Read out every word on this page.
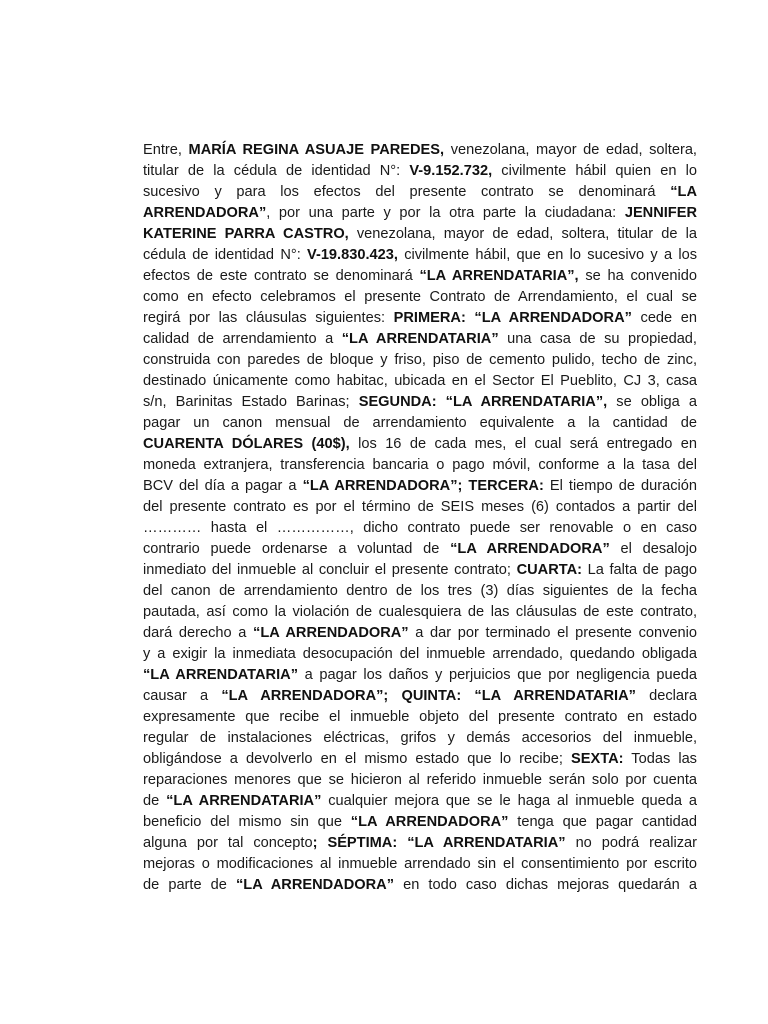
Entre, MARÍA REGINA ASUAJE PAREDES, venezolana, mayor de edad, soltera,
titular de la cédula de identidad N°: V-9.152.732, civilmente hábil quien en lo
sucesivo y para los efectos del presente contrato se denominará “LA
ARRENDADORA”, por una parte y por la otra parte la ciudadana: JENNIFER
KATERINE PARRA CASTRO, venezolana, mayor de edad, soltera, titular de la
cédula de identidad N°: V-19.830.423, civilmente hábil, que en lo sucesivo y a los
efectos de este contrato se denominará “LA ARRENDATARIA”, se ha convenido
como en efecto celebramos el presente Contrato de Arrendamiento, el cual se
regirá por las cláusulas siguientes: PRIMERA: “LA ARRENDADORA” cede en
calidad de arrendamiento a “LA ARRENDATARIA” una casa de su propiedad,
construida con paredes de bloque y friso, piso de cemento pulido, techo de zinc,
destinado únicamente como habitac, ubicada en el Sector El Pueblito, CJ 3, casa
s/n, Barinitas Estado Barinas; SEGUNDA: “LA ARRENDATARIA”, se obliga a
pagar un canon mensual de arrendamiento equivalente a la cantidad de
CUARENTA DÓLARES (40$), los 16 de cada mes, el cual será entregado en
moneda extranjera, transferencia bancaria o pago móvil, conforme a la tasa del
BCV del día a pagar a “LA ARRENDADORA”; TERCERA: El tiempo de duración
del presente contrato es por el término de SEIS meses (6) contados a partir del
………… hasta el ……………, dicho contrato puede ser renovable o en caso
contrario puede ordenarse a voluntad de “LA ARRENDADORA” el desalojo
inmediato del inmueble al concluir el presente contrato; CUARTA: La falta de pago
del canon de arrendamiento dentro de los tres (3) días siguientes de la fecha
pautada, así como la violación de cualesquiera de las cláusulas de este contrato,
dará derecho a “LA ARRENDADORA” a dar por terminado el presente convenio
y a exigir la inmediata desocupación del inmueble arrendado, quedando obligada
“LA ARRENDATARIA” a pagar los daños y perjuicios que por negligencia pueda
causar a “LA ARRENDADORA”; QUINTA: “LA ARRENDATARIA” declara
expresamente que recibe el inmueble objeto del presente contrato en estado
regular de instalaciones eléctricas, grifos y demás accesorios del inmueble,
obligándose a devolverlo en el mismo estado que lo recibe; SEXTA: Todas las
reparaciones menores que se hicieron al referido inmueble serán solo por cuenta
de “LA ARRENDATARIA” cualquier mejora que se le haga al inmueble queda a
beneficio del mismo sin que “LA ARRENDADORA” tenga que pagar cantidad
alguna por tal concepto; SÉPTIMA: “LA ARRENDATARIA” no podrá realizar
mejoras o modificaciones al inmueble arrendado sin el consentimiento por escrito
de parte de “LA ARRENDADORA” en todo caso dichas mejoras quedarán a
